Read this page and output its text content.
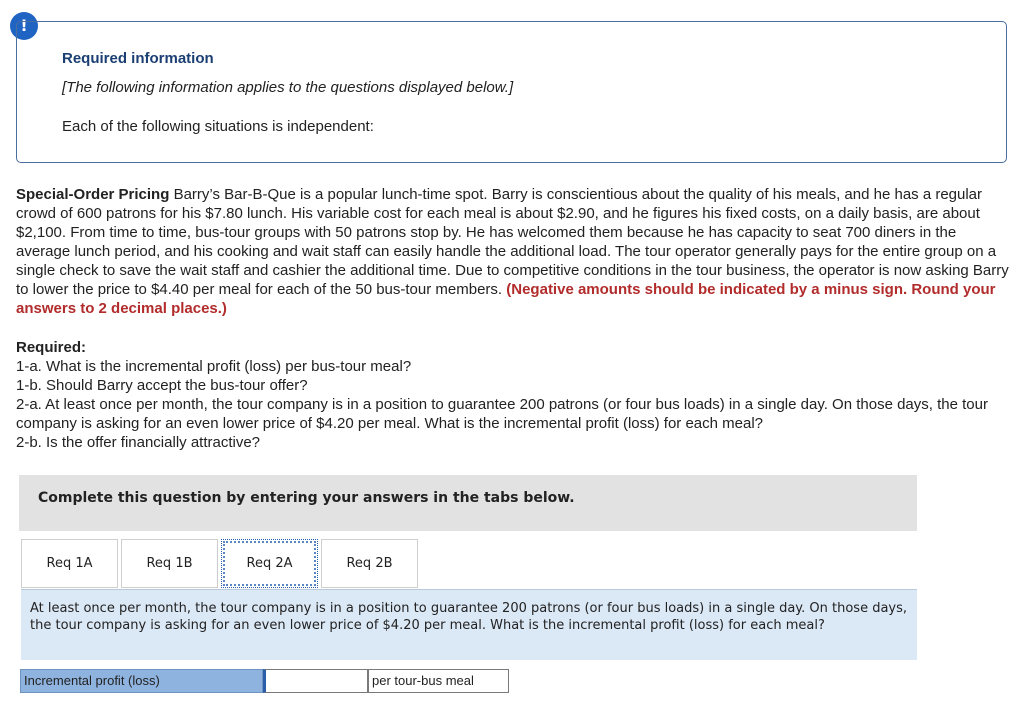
!
Required information
[The following information applies to the questions displayed below.]
Each of the following situations is independent:
Special-Order Pricing Barry’s Bar-B-Que is a popular lunch-time spot. Barry is conscientious about the quality of his meals, and he has a regular crowd of 600 patrons for his $7.80 lunch. His variable cost for each meal is about $2.90, and he figures his fixed costs, on a daily basis, are about $2,100. From time to time, bus-tour groups with 50 patrons stop by. He has welcomed them because he has capacity to seat 700 diners in the average lunch period, and his cooking and wait staff can easily handle the additional load. The tour operator generally pays for the entire group on a single check to save the wait staff and cashier the additional time. Due to competitive conditions in the tour business, the operator is now asking Barry to lower the price to $4.40 per meal for each of the 50 bus-tour members. (Negative amounts should be indicated by a minus sign. Round your answers to 2 decimal places.)
Required:
1-a. What is the incremental profit (loss) per bus-tour meal?
1-b. Should Barry accept the bus-tour offer?
2-a. At least once per month, the tour company is in a position to guarantee 200 patrons (or four bus loads) in a single day. On those days, the tour company is asking for an even lower price of $4.20 per meal. What is the incremental profit (loss) for each meal?
2-b. Is the offer financially attractive?
Complete this question by entering your answers in the tabs below.
Req 1A	Req 1B	Req 2A	Req 2B
At least once per month, the tour company is in a position to guarantee 200 patrons (or four bus loads) in a single day. On those days, the tour company is asking for an even lower price of $4.20 per meal. What is the incremental profit (loss) for each meal?
Incremental profit (loss)	per tour-bus meal
